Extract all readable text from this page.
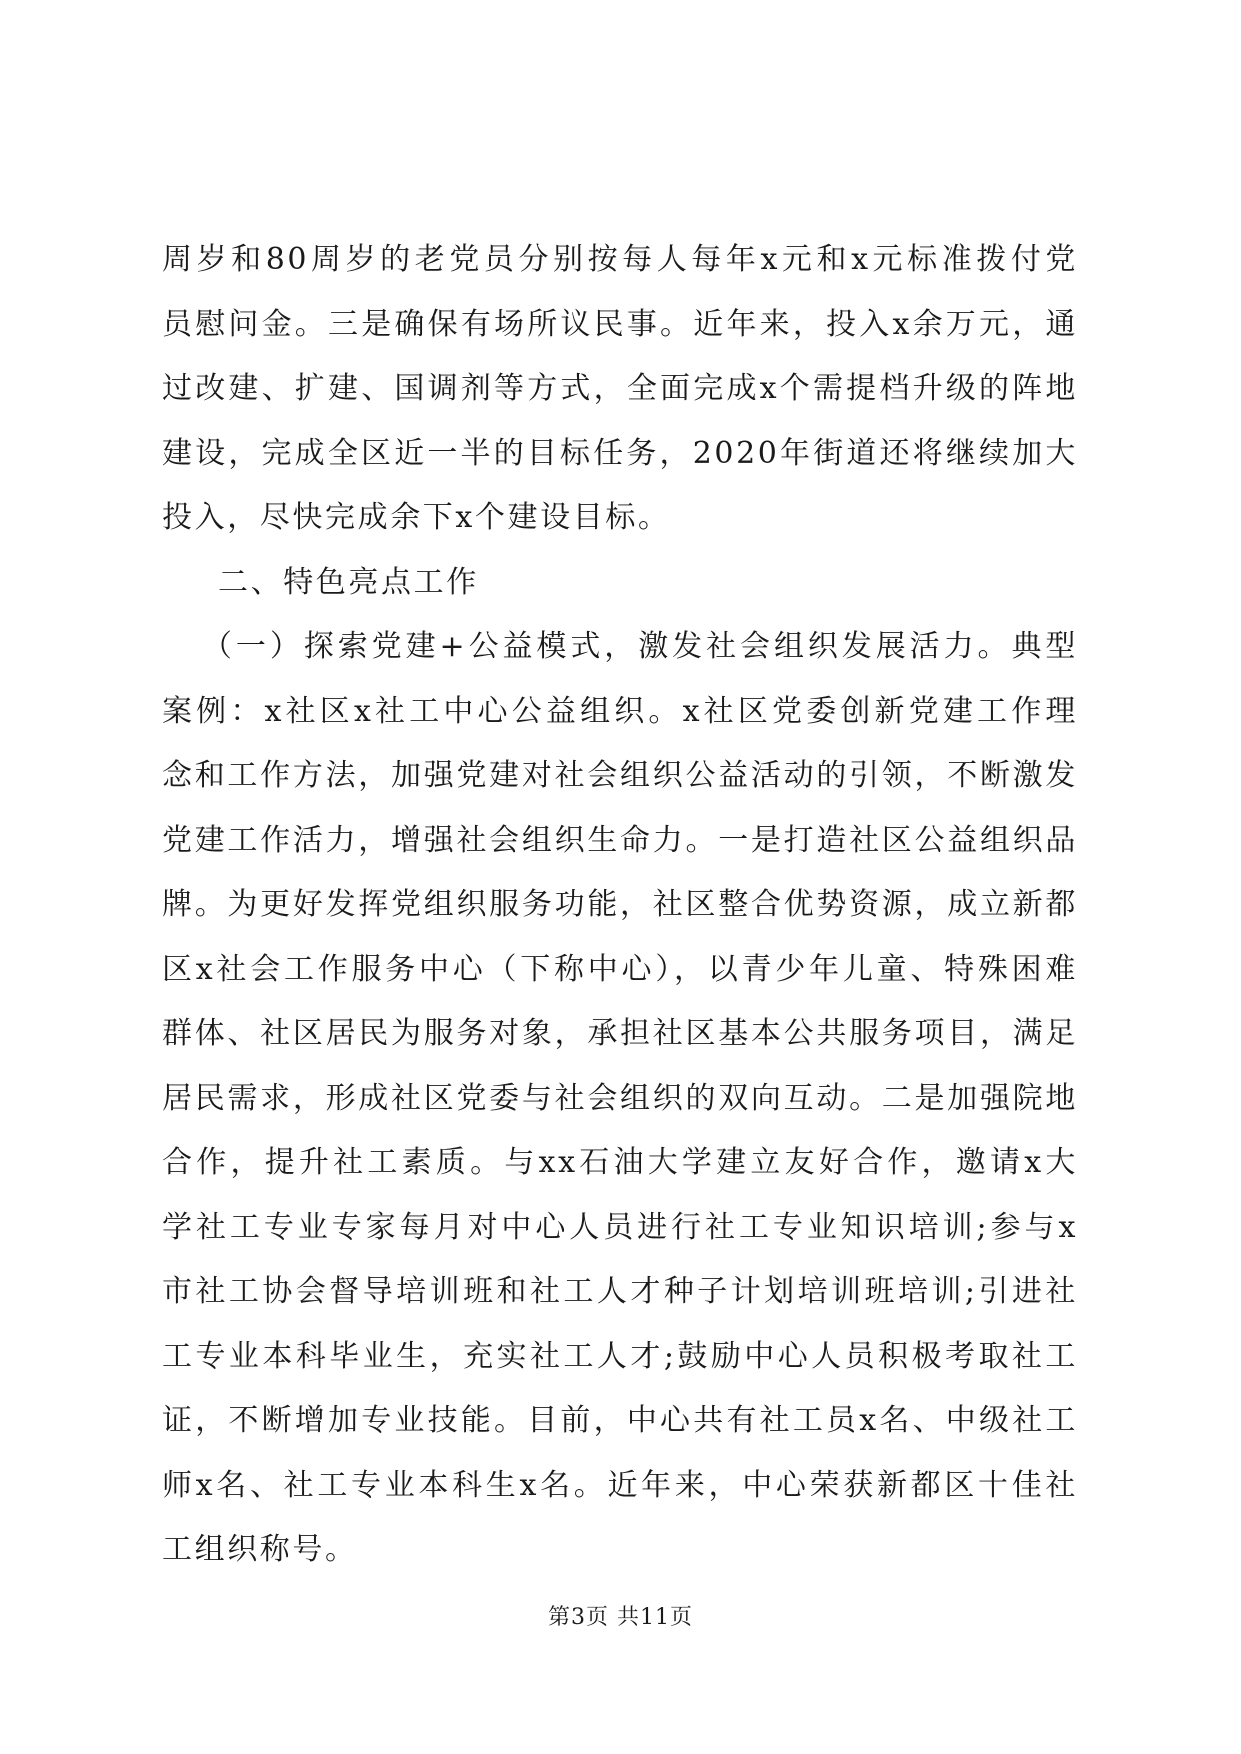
周岁和80周岁的老党员分别按每人每年x元和x元标准拨付党
员慰问金。三是确保有场所议民事。近年来，投入x余万元，通
过改建、扩建、国调剂等方式，全面完成x个需提档升级的阵地
建设，完成全区近一半的目标任务，2020年街道还将继续加大
投入，尽快完成余下x个建设目标。
二、特色亮点工作
（一）探索党建+公益模式，激发社会组织发展活力。典型
案例：x社区x社工中心公益组织。x社区党委创新党建工作理
念和工作方法，加强党建对社会组织公益活动的引领，不断激发
党建工作活力，增强社会组织生命力。一是打造社区公益组织品
牌。为更好发挥党组织服务功能，社区整合优势资源，成立新都
区x社会工作服务中心（下称中心），以青少年儿童、特殊困难
群体、社区居民为服务对象，承担社区基本公共服务项目，满足
居民需求，形成社区党委与社会组织的双向互动。二是加强院地
合作，提升社工素质。与xx石油大学建立友好合作，邀请x大
学社工专业专家每月对中心人员进行社工专业知识培训;参与x
市社工协会督导培训班和社工人才种子计划培训班培训;引进社
工专业本科毕业生，充实社工人才;鼓励中心人员积极考取社工
证，不断增加专业技能。目前，中心共有社工员x名、中级社工
师x名、社工专业本科生x名。近年来，中心荣获新都区十佳社
工组织称号。
第3页 共11页
